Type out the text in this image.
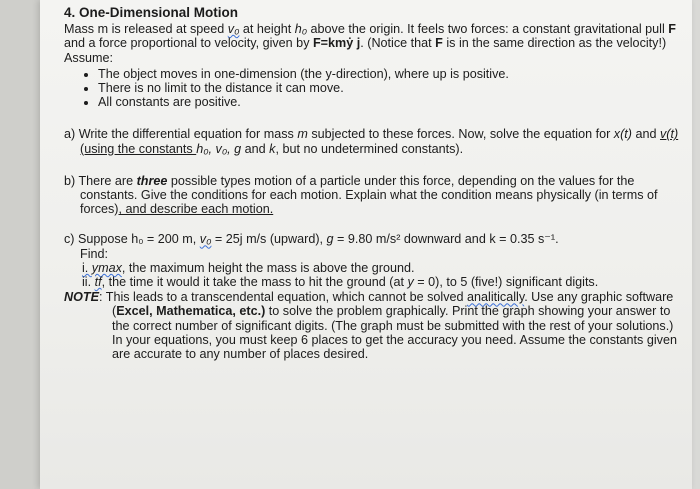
4. One-Dimensional Motion

Mass m is released at speed v₀ at height h₀ above the origin. It feels two forces: a constant gravitational pull F and a force proportional to velocity, given by F=kmẏ j. (Notice that F is in the same direction as the velocity!) Assume:

• The object moves in one-dimension (the y-direction), where up is positive.
• There is no limit to the distance it can move.
• All constants are positive.

a) Write the differential equation for mass m subjected to these forces. Now, solve the equation for x(t) and v(t) (using the constants h₀, v₀, g and k, but no undetermined constants).

b) There are three possible types motion of a particle under this force, depending on the values for the constants. Give the conditions for each motion. Explain what the condition means physically (in terms of forces), and describe each motion.

c) Suppose h₀ = 200 m, v₀ = 25j m/s (upward), g = 9.80 m/s² downward and k = 0.35 s⁻¹.

Find:

i. ymax, the maximum height the mass is above the ground.

ii. tf, the time it would it take the mass to hit the ground (at y = 0), to 5 (five!) significant digits.

NOTE: This leads to a transcendental equation, which cannot be solved analitically. Use any graphic software (Excel, Mathematica, etc.) to solve the problem graphically. Print the graph showing your answer to the correct number of significant digits. (The graph must be submitted with the rest of your solutions.) In your equations, you must keep 6 places to get the accuracy you need. Assume the constants given are accurate to any number of places desired.
